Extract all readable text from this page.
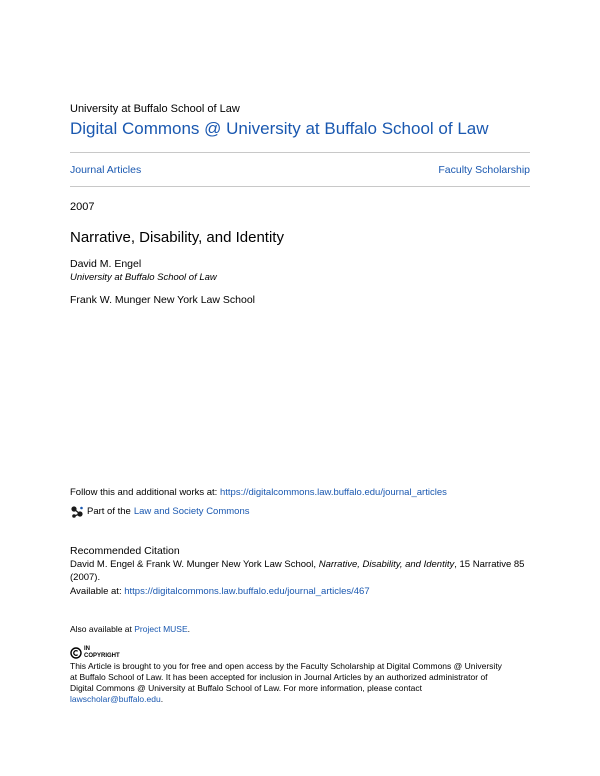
University at Buffalo School of Law
Digital Commons @ University at Buffalo School of Law
Journal Articles	Faculty Scholarship
2007
Narrative, Disability, and Identity
David M. Engel
University at Buffalo School of Law
Frank W. Munger New York Law School
Follow this and additional works at: https://digitalcommons.law.buffalo.edu/journal_articles
Part of the Law and Society Commons
Recommended Citation
David M. Engel & Frank W. Munger New York Law School, Narrative, Disability, and Identity, 15 Narrative 85
(2007).
Available at: https://digitalcommons.law.buffalo.edu/journal_articles/467
Also available at Project MUSE.
IN
COPYRIGHT
This Article is brought to you for free and open access by the Faculty Scholarship at Digital Commons @ University
at Buffalo School of Law. It has been accepted for inclusion in Journal Articles by an authorized administrator of
Digital Commons @ University at Buffalo School of Law. For more information, please contact
lawscholar@buffalo.edu.
